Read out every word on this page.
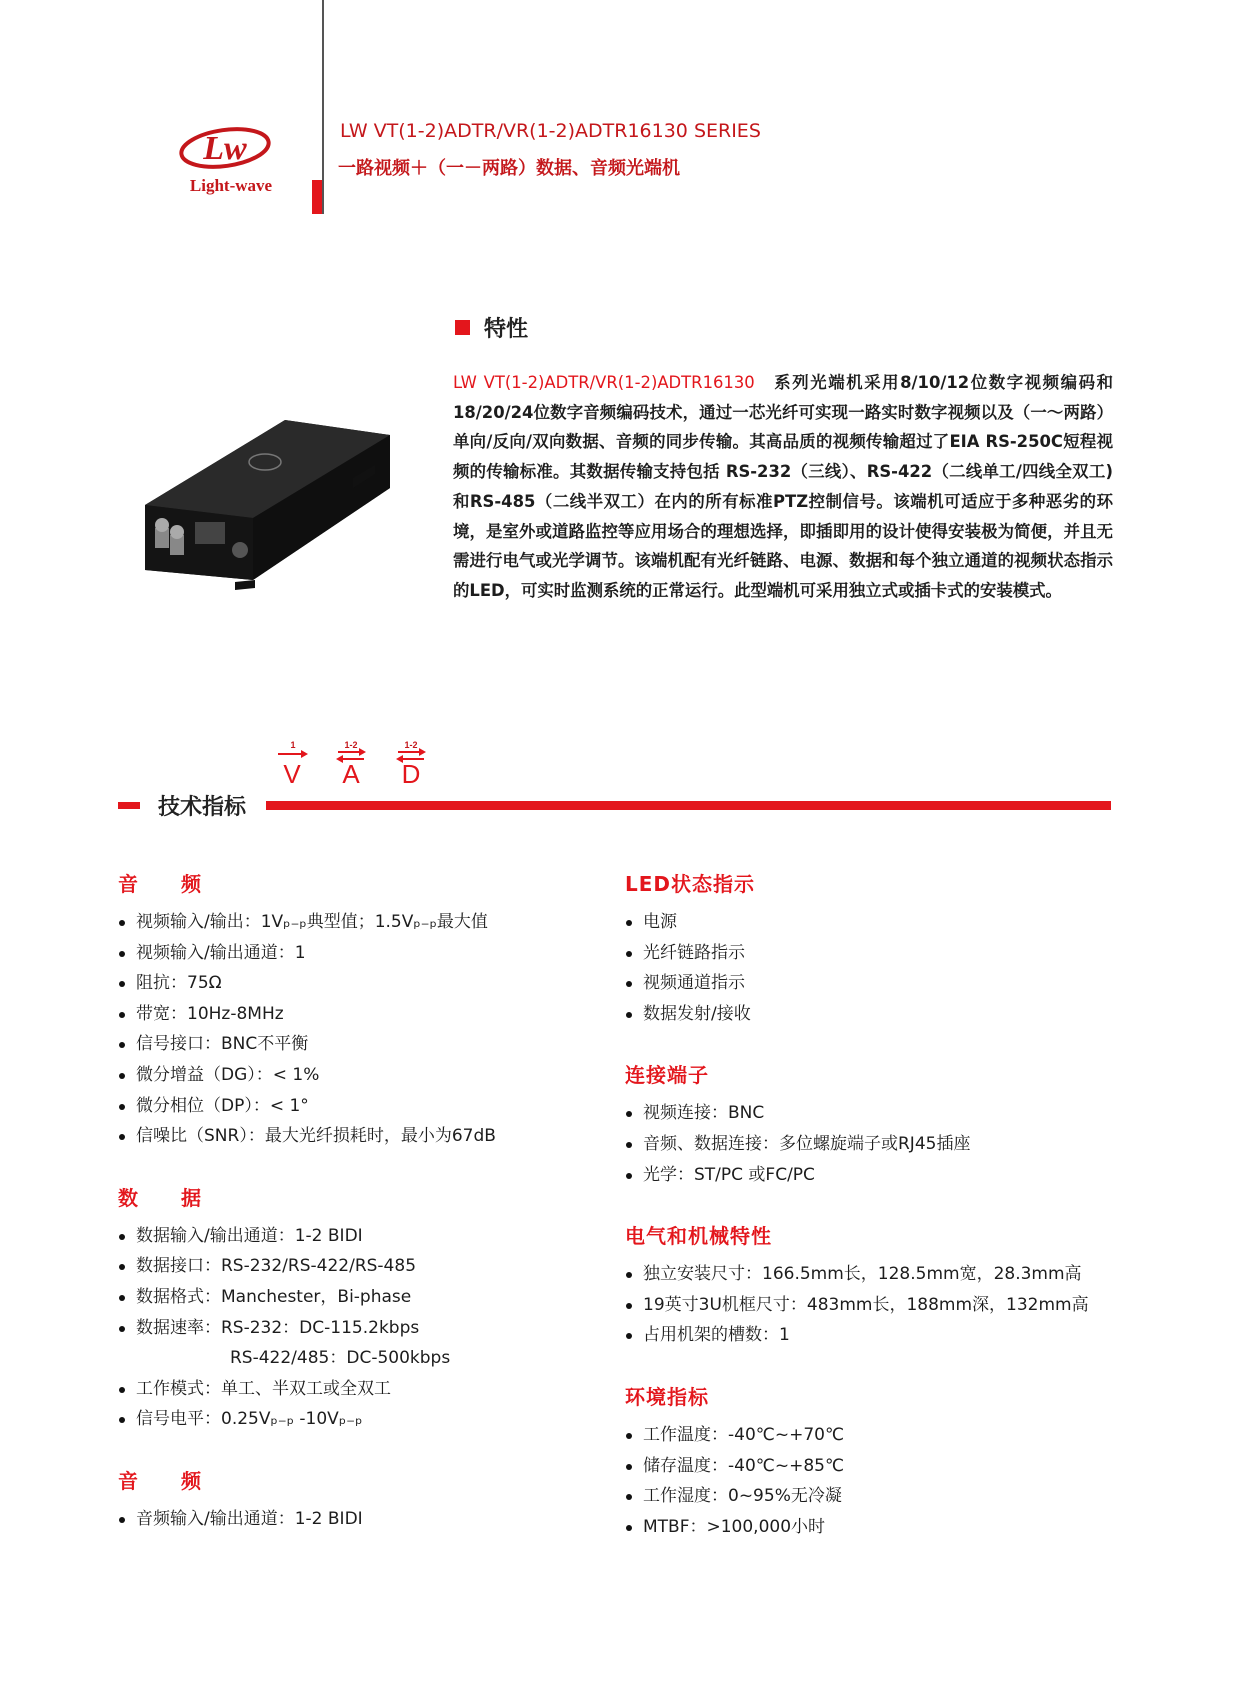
Lw
Light-wave
LW VT(1-2)ADTR/VR(1-2)ADTR16130 SERIES
一路视频＋（一－两路）数据、音频光端机
特性
LW VT(1-2)ADTR/VR(1-2)ADTR16130　系列光端机采用8/10/12位数字视频编码和18/20/24位数字音频编码技术，通过一芯光纤可实现一路实时数字视频以及（一～两路）单向/反向/双向数据、音频的同步传输。其高品质的视频传输超过了EIA RS-250C短程视频的传输标准。其数据传输支持包括 RS-232（三线）、RS-422（二线单工/四线全双工) 和RS-485（二线半双工）在内的所有标准PTZ控制信号。该端机可适应于多种恶劣的环境，是室外或道路监控等应用场合的理想选择，即插即用的设计使得安装极为简便，并且无需进行电气或光学调节。该端机配有光纤链路、电源、数据和每个独立通道的视频状态指示的LED，可实时监测系统的正常运行。此型端机可采用独立式或插卡式的安装模式。
1
V
1-2
A
1-2
D
技术指标
音　　频
视频输入/输出：1Vₚ₋ₚ典型值；1.5Vₚ₋ₚ最大值
视频输入/输出通道：1
阻抗：75Ω
带宽：10Hz-8MHz
信号接口：BNC不平衡
微分增益（DG）：< 1%
微分相位（DP）：< 1°
信噪比（SNR）：最大光纤损耗时，最小为67dB
数　　据
数据输入/输出通道：1-2 BIDI
数据接口：RS-232/RS-422/RS-485
数据格式：Manchester，Bi-phase
数据速率：RS-232：DC-115.2kbps
RS-422/485：DC-500kbps
工作模式：单工、半双工或全双工
信号电平：0.25Vₚ₋ₚ -10Vₚ₋ₚ
音　　频
音频输入/输出通道：1-2 BIDI
LED状态指示
电源
光纤链路指示
视频通道指示
数据发射/接收
连接端子
视频连接：BNC
音频、数据连接：多位螺旋端子或RJ45插座
光学：ST/PC 或FC/PC
电气和机械特性
独立安装尺寸：166.5mm长，128.5mm宽，28.3mm高
19英寸3U机框尺寸：483mm长，188mm深，132mm高
占用机架的槽数：1
环境指标
工作温度：-40℃~+70℃
储存温度：-40℃~+85℃
工作湿度：0~95%无冷凝
MTBF：>100,000小时
